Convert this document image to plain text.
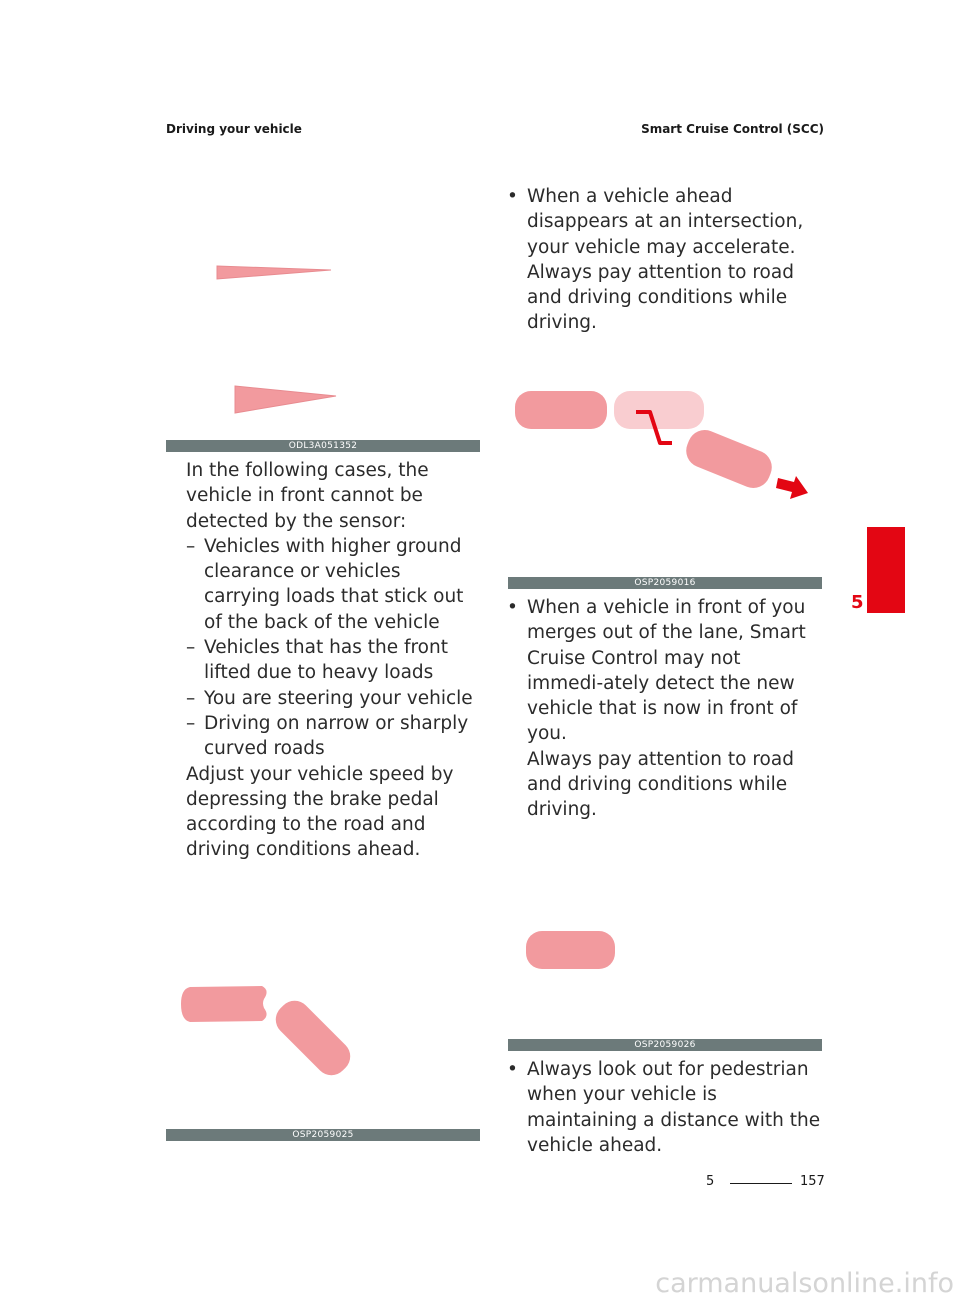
Driving your vehicle	Smart Cruise Control (SCC)
ODL3A051352
In the following cases, the vehicle in front cannot be detected by the sensor:
– Vehicles with higher ground clearance or vehicles carrying loads that stick out of the back of the vehicle
– Vehicles that has the front lifted due to heavy loads
– You are steering your vehicle
– Driving on narrow or sharply curved roads
Adjust your vehicle speed by depressing the brake pedal according to the road and driving conditions ahead.
OSP2059025
• When a vehicle ahead disappears at an intersection, your vehicle may accelerate.
Always pay attention to road and driving conditions while driving.
OSP2059016
• When a vehicle in front of you merges out of the lane, Smart Cruise Control may not immedi-ately detect the new vehicle that is now in front of you.
Always pay attention to road and driving conditions while driving.
OSP2059026
• Always look out for pedestrian when your vehicle is maintaining a distance with the vehicle ahead.
5
5	157
carmanualsonline.info
